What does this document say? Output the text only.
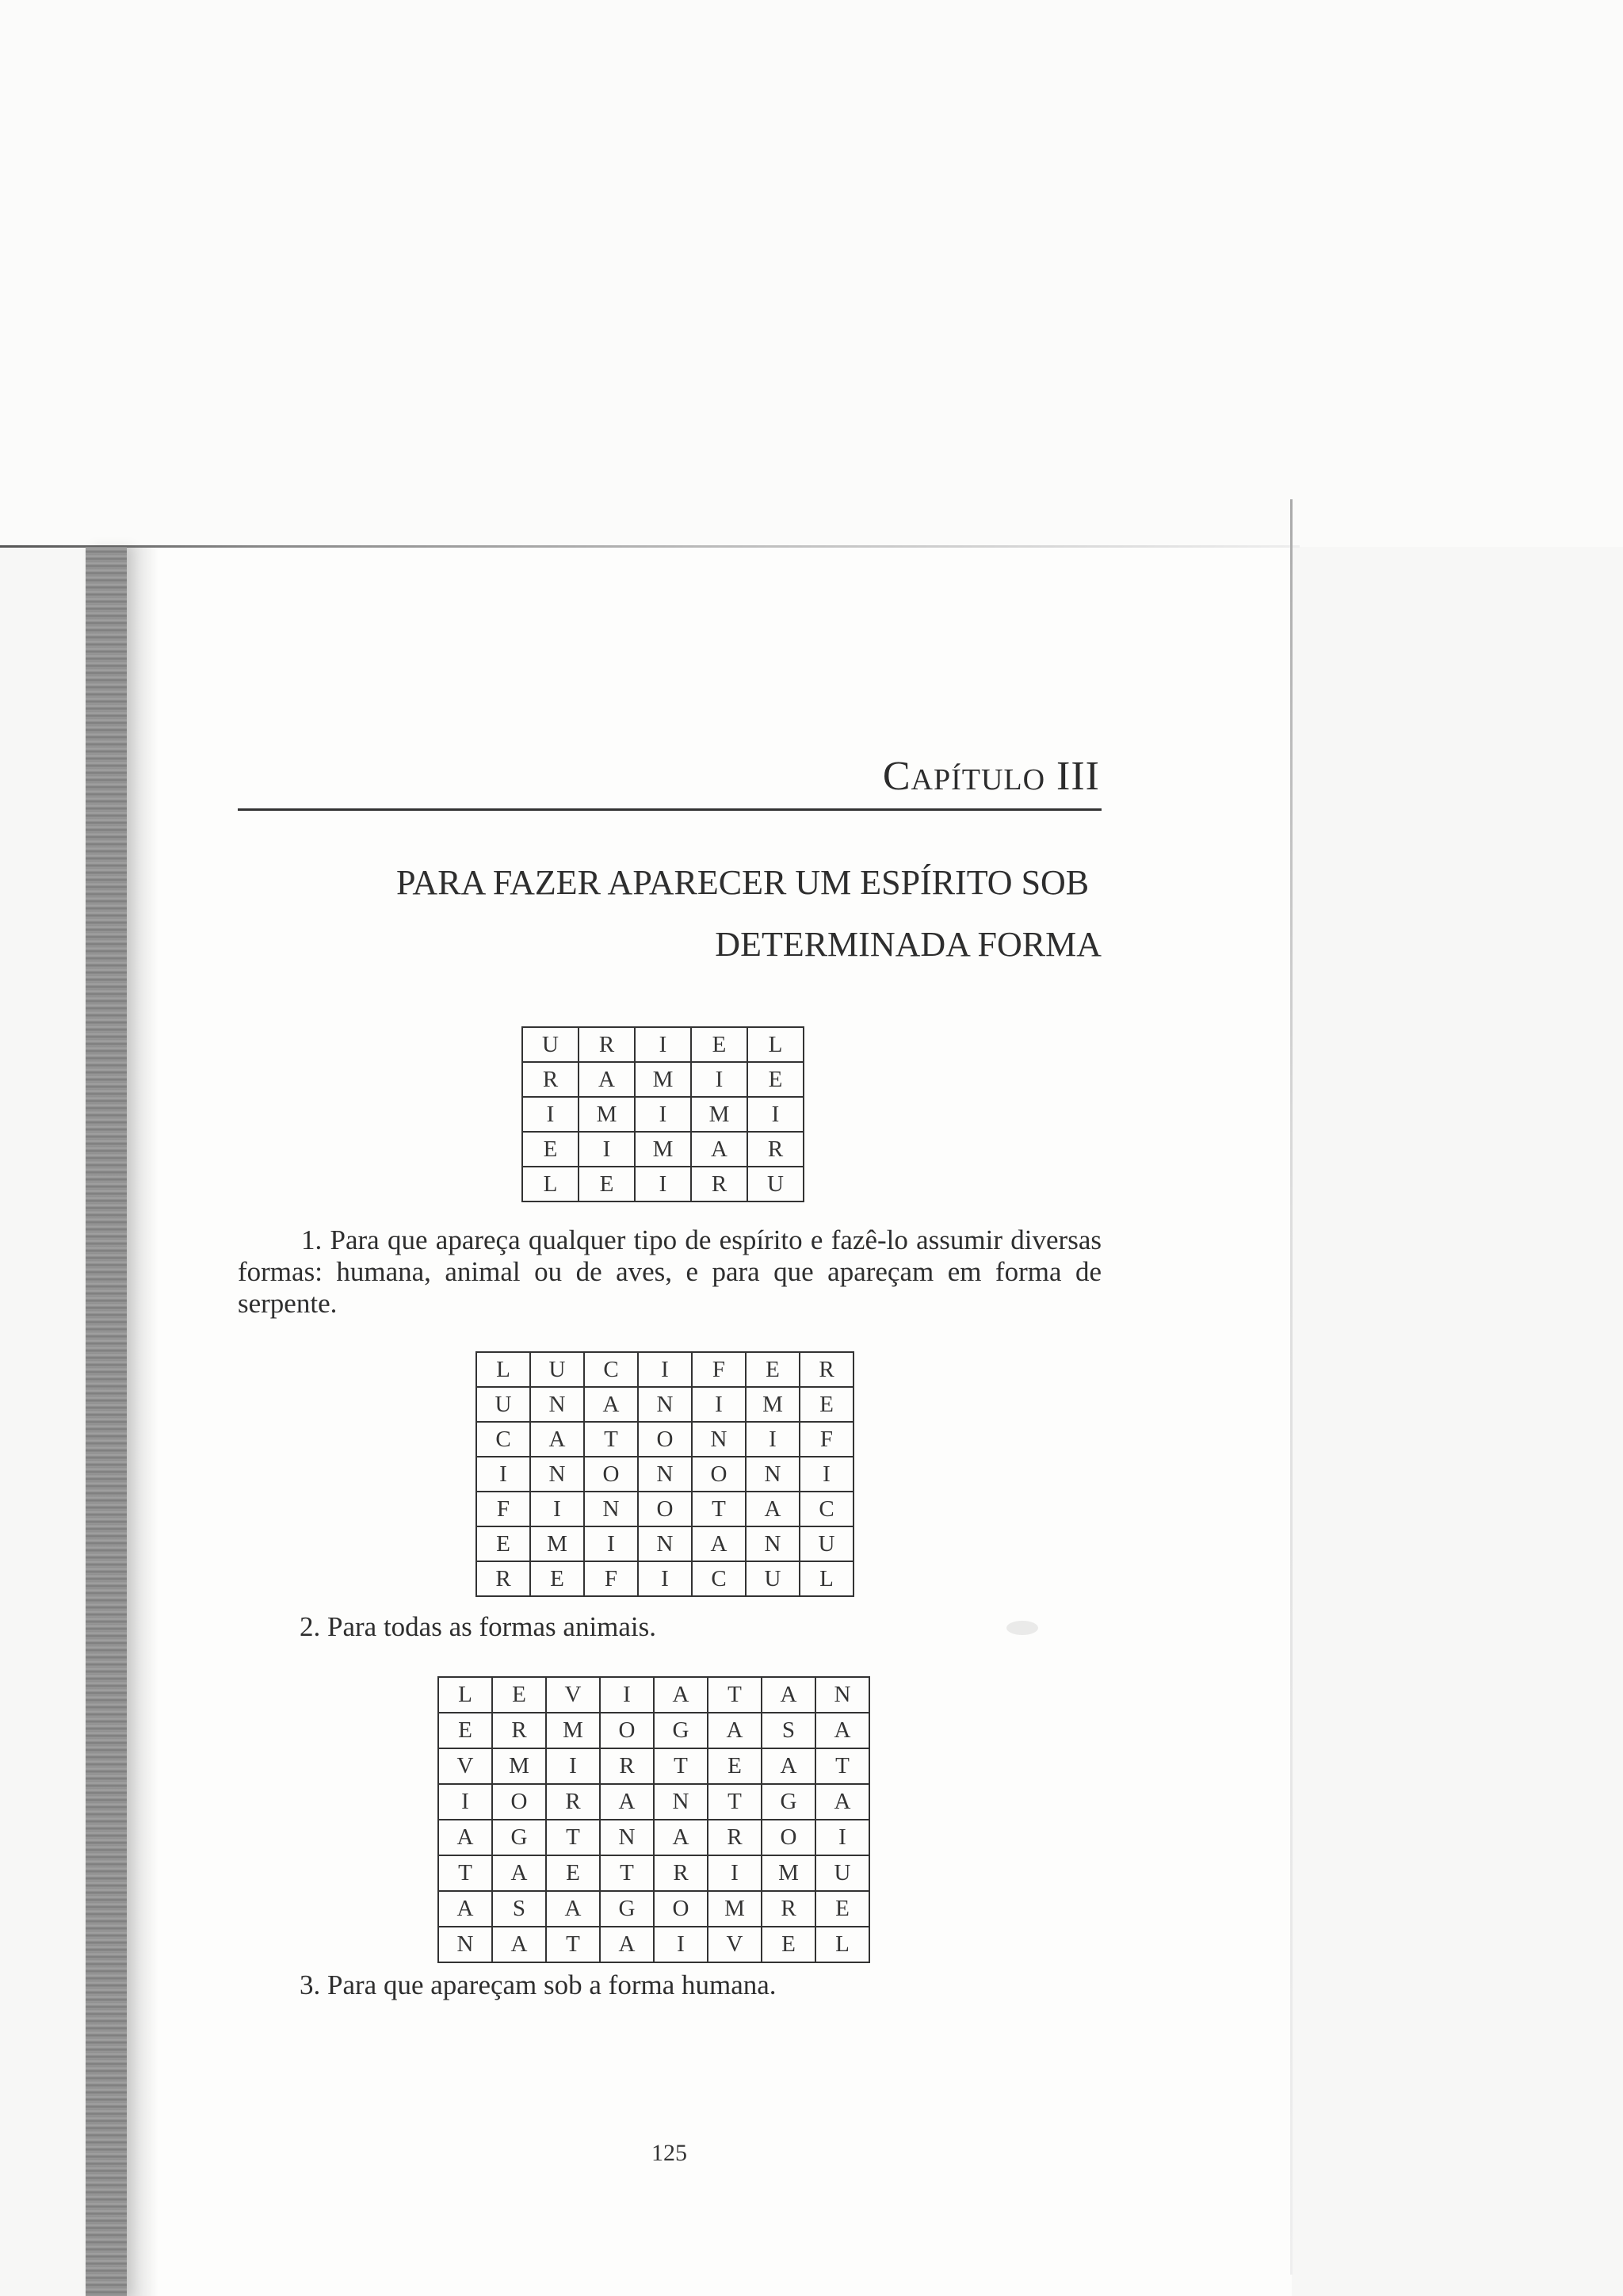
CAPÍTULO III
PARA FAZER APARECER UM ESPÍRITO SOB
DETERMINADA FORMA
U	R	I	E	L
R	A	M	I	E
I	M	I	M	I
E	I	M	A	R
L	E	I	R	U
1. Para que apareça qualquer tipo de espírito e fazê-lo assumir diversas formas: humana, animal ou de aves, e para que apareçam em forma de serpente.
L	U	C	I	F	E	R
U	N	A	N	I	M	E
C	A	T	O	N	I	F
I	N	O	N	O	N	I
F	I	N	O	T	A	C
E	M	I	N	A	N	U
R	E	F	I	C	U	L
2. Para todas as formas animais.
L	E	V	I	A	T	A	N
E	R	M	O	G	A	S	A
V	M	I	R	T	E	A	T
I	O	R	A	N	T	G	A
A	G	T	N	A	R	O	I
T	A	E	T	R	I	M	U
A	S	A	G	O	M	R	E
N	A	T	A	I	V	E	L
3. Para que apareçam sob a forma humana.
125
